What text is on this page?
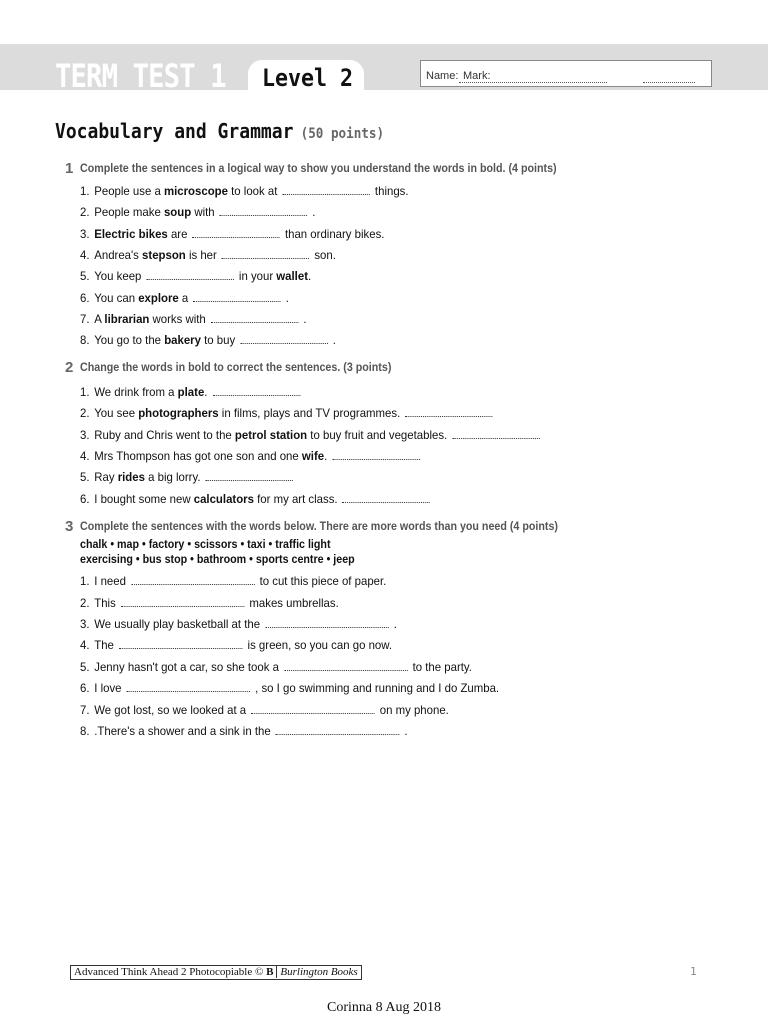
TERM TEST 1 Level 2	Name: Mark:
Vocabulary and Grammar (50 points)
1 Complete the sentences in a logical way to show you understand the words in bold. (4 points)
1. People use a microscope to look at	things.
2. People make soup with	.
3. Electric bikes are	than ordinary bikes.
4. Andrea's stepson is her	son.
5. You keep	in your wallet.
6. You can explore a	.
7. A librarian works with	.
8. You go to the bakery to buy	.
2 Change the words in bold to correct the sentences. (3 points)
1. We drink from a plate.
2. You see photographers in films, plays and TV programmes.
3. Ruby and Chris went to the petrol station to buy fruit and vegetables.
4. Mrs Thompson has got one son and one wife.
5. Ray rides a big lorry.
6. I bought some new calculators for my art class.
3 Complete the sentences with the words below. There are more words than you need (4 points)
chalk • map • factory • scissors • taxi • traffic light
exercising • bus stop • bathroom • sports centre • jeep
1. I need	to cut this piece of paper.
2. This	makes umbrellas.
3. We usually play basketball at the	.
4. The	is green, so you can go now.
5. Jenny hasn't got a car, so she took a	to the party.
6. I love	, so I go swimming and running and I do Zumba.
7. We got lost, so we looked at a	on my phone.
8. .There's a shower and a sink in the	.
Advanced Think Ahead 2 Photocopiable © B Burlington Books	1
Corinna 8 Aug 2018
